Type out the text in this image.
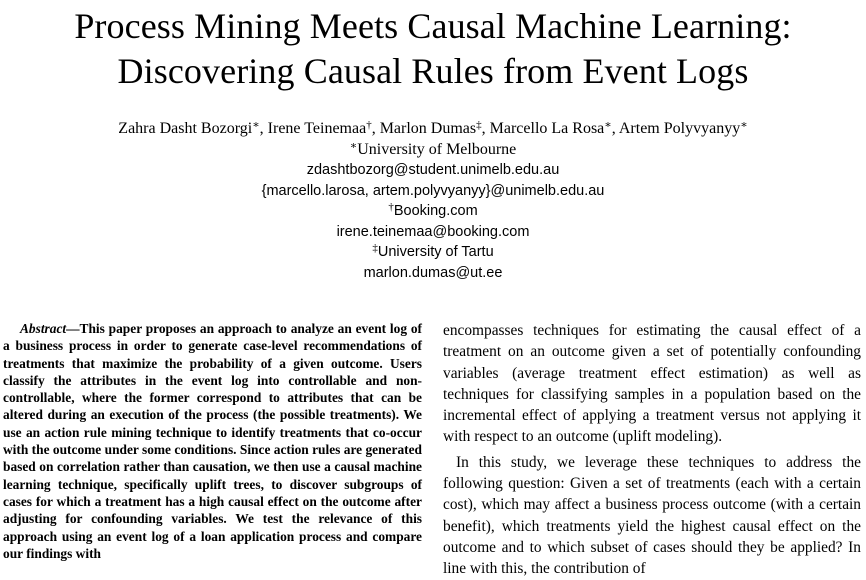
Process Mining Meets Causal Machine Learning:
Discovering Causal Rules from Event Logs
Zahra Dasht Bozorgi∗, Irene Teinemaa†, Marlon Dumas‡, Marcello La Rosa∗, Artem Polyvyanyy∗
∗University of Melbourne
zdashtbozorg@student.unimelb.edu.au
{marcello.larosa, artem.polyvyanyy}@unimelb.edu.au
†Booking.com
irene.teinemaa@booking.com
‡University of Tartu
marlon.dumas@ut.ee

Abstract—This paper proposes an approach to analyze an event log of a business process in order to generate case-level recommendations of treatments that maximize the probability of a given outcome. Users classify the attributes in the event log into controllable and non-controllable, where the former correspond to attributes that can be altered during an execution of the process (the possible treatments). We use an action rule mining technique to identify treatments that co-occur with the outcome under some conditions. Since action rules are generated based on correlation rather than causation, we then use a causal machine learning technique, specifically uplift trees, to discover subgroups of cases for which a treatment has a high causal effect on the outcome after adjusting for confounding variables. We test the relevance of this approach using an event log of a loan application process and compare our findings with

encompasses techniques for estimating the causal effect of a treatment on an outcome given a set of potentially confounding variables (average treatment effect estimation) as well as techniques for classifying samples in a population based on the incremental effect of applying a treatment versus not applying it with respect to an outcome (uplift modeling).

In this study, we leverage these techniques to address the following question: Given a set of treatments (each with a certain cost), which may affect a business process outcome (with a certain benefit), which treatments yield the highest causal effect on the outcome and to which subset of cases should they be applied? In line with this, the contribution of
